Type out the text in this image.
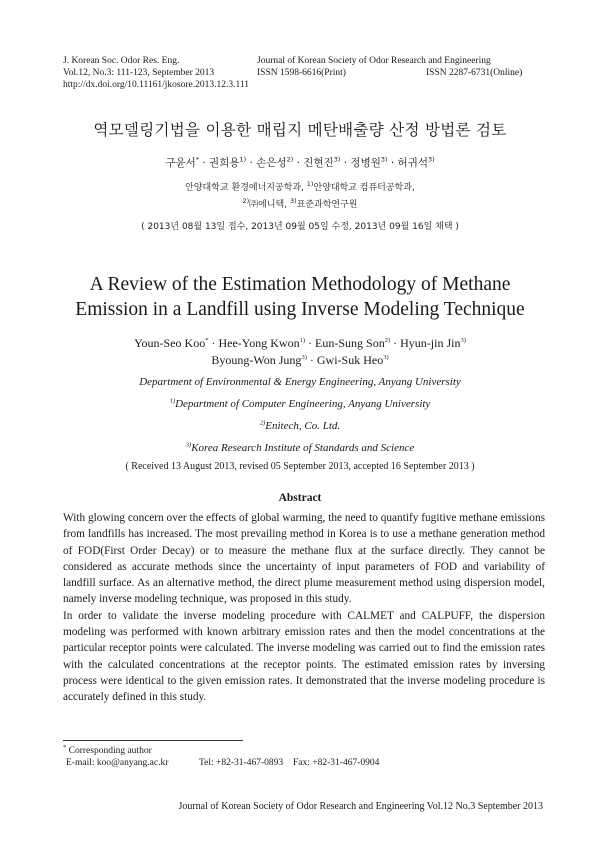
J. Korean Soc. Odor Res. Eng.
Vol.12, No.3: 111-123, September 2013
http://dx.doi.org/10.11161/jkosore.2013.12.3.111
Journal of Korean Society of Odor Research and Engineering
ISSN 1598-6616(Print)	ISSN 2287-6731(Online)
역모델링기법을 이용한 매립지 메탄배출량 산정 방법론 검토
구윤서* · 권희용$^{1)}$ · 손은성$^{2)}$ · 진현진$^{3)}$ · 정병원$^{3)}$ · 허귀석$^{3)}$
안양대학교 환경에너지공학과, $^{1)}$안양대학교 컴퓨터공학과,
$^{2)}$㈜에니텍, $^{3)}$표준과학연구원
( 2013년 08월 13일 접수, 2013년 09월 05일 수정, 2013년 09월 16일 채택 )
A Review of the Estimation Methodology of Methane
Emission in a Landfill using Inverse Modeling Technique
Youn-Seo Koo* · Hee-Yong Kwon$^{1)}$ · Eun-Sung Son$^{2)}$ · Hyun-jin Jin$^{3)}$
Byoung-Won Jung$^{3)}$ · Gwi-Suk Heo$^{3)}$
Department of Environmental & Energy Engineering, Anyang University
$^{1)}$Department of Computer Engineering, Anyang University
$^{2)}$Enitech, Co. Ltd.
$^{3)}$Korea Research Institute of Standards and Science
( Received 13 August 2013, revised 05 September 2013, accepted 16 September 2013 )
Abstract

With glowing concern over the effects of global warming, the need to quantify fugitive methane emissions from landfills has increased. The most prevailing method in Korea is to use a methane generation method of FOD(First Order Decay) or to measure the methane flux at the surface directly. They cannot be considered as accurate methods since the uncertainty of input parameters of FOD and variability of landfill surface. As an alternative method, the direct plume measurement method using dispersion model, namely inverse modeling technique, was proposed in this study.

In order to validate the inverse modeling procedure with CALMET and CALPUFF, the dispersion modeling was performed with known arbitrary emission rates and then the model concentrations at the particular receptor points were calculated. The inverse modeling was carried out to find the emission rates with the calculated concentrations at the receptor points. The estimated emission rates by inversing process were identical to the given emission rates. It demonstrated that the inverse modeling procedure is accurately defined in this study.

* Corresponding author
E-mail: koo@anyang.ac.kr	Tel: +82-31-467-0893 Fax: +82-31-467-0904
Journal of Korean Society of Odor Research and Engineering Vol.12 No.3 September 2013
